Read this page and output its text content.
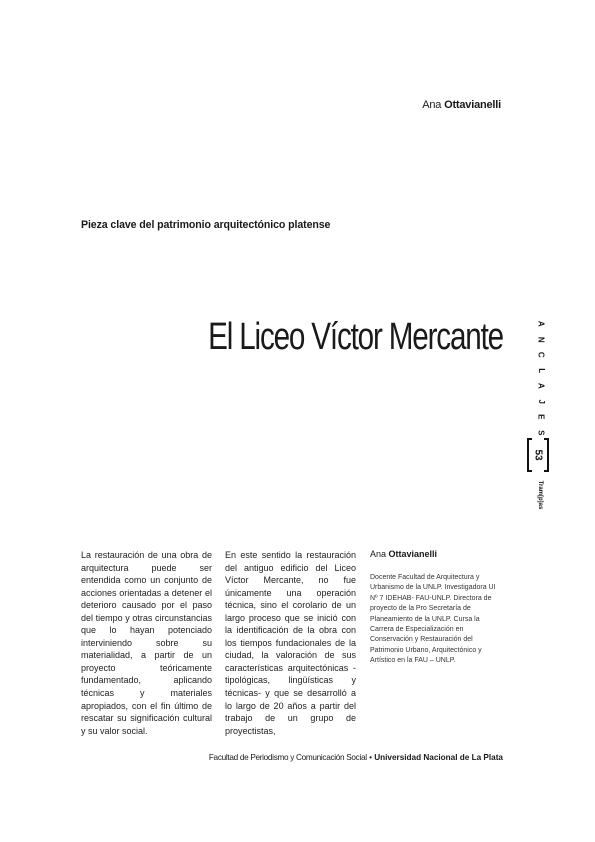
Ana Ottavianelli
Pieza clave del patrimonio arquitectónico platense
El Liceo Víctor Mercante
La restauración de una obra de arquitectura puede ser entendida como un conjunto de acciones orientadas a detener el deterioro causado por el paso del tiempo y otras circunstancias que lo hayan potenciado interviniendo sobre su materialidad, a partir de un proyecto teóricamente fundamentado, aplicando técnicas y materiales apropiados, con el fin último de rescatar su significación cultural y su valor social.
En este sentido la restauración del antiguo edificio del Liceo Víctor Mercante, no fue únicamente una operación técnica, sino el corolario de un largo proceso que se inició con la identificación de la obra con los tiempos fundacionales de la ciudad, la valoración de sus características arquitectónicas -tipológicas, lingüísticas y técnicas- y que se desarrolló a lo largo de 20 años a partir del trabajo de un grupo de proyectistas,
Ana Ottavianelli
Docente Facultad de Arquitectura y Urbanismo de la UNLP. Investigadora UI Nº 7 IDEHAB- FAU-UNLP. Directora de proyecto de la Pro Secretaría de Planeamiento de la UNLP. Cursa la Carrera de Especialización en Conservación y Restauración del Patrimonio Urbano, Arquitectónico y Artístico en la FAU – UNLP.
A
N
C
L
A
J
E
S
53
Tram[p]as
Facultad de Periodismo y Comunicación Social • Universidad Nacional de La Plata
